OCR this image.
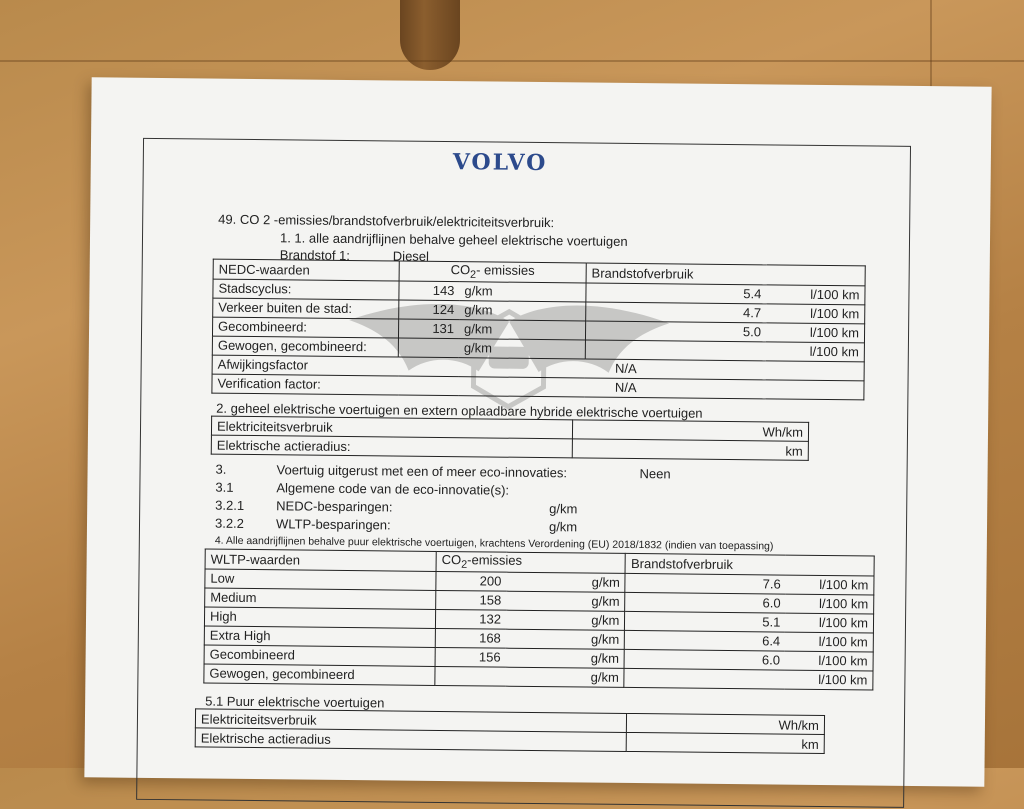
VOLVO
49. CO 2 -emissies/brandstofverbruik/elektriciteitsverbruik:
1. 1. alle aandrijflijnen behalve geheel elektrische voertuigen
Brandstof 1:	Diesel
NEDC-waarden	$CO_2-$ emissies		Brandstofverbruik	
Stadscyclus:	143	g/km	5.4	l/100 km
Verkeer buiten de stad:	124	g/km	4.7	l/100 km
Gecombineerd:	131	g/km	5.0	l/100 km
Gewogen, gecombineerd:		g/km		l/100 km
Afwijkingsfactor			N/A	
Verification factor:			N/A	
2. geheel elektrische voertuigen en extern oplaadbare hybride elektrische voertuigen
Elektriciteitsverbruik	Wh/km
Elektrische actieradius:	km
3.	Voertuig uitgerust met een of meer eco-innovaties:	Neen
3.1	Algemene code van de eco-innovatie(s):
3.2.1 NEDC-besparingen:	g/km
3.2.2 WLTP-besparingen:	g/km
4. Alle aandrijflijnen behalve puur elektrische voertuigen, krachtens Verordening (EU) 2018/1832 (indien van toepassing)
WLTP-waarden	$CO_2$-emissies		Brandstofverbruik	
Low	200	g/km	7.6	l/100 km
Medium	158	g/km	6.0	l/100 km
High	132	g/km	5.1	l/100 km
Extra High	168	g/km	6.4	l/100 km
Gecombineerd	156	g/km	6.0	l/100 km
Gewogen, gecombineerd		g/km		l/100 km
5.1 Puur elektrische voertuigen
Elektriciteitsverbruik	Wh/km
Elektrische actieradius	km
